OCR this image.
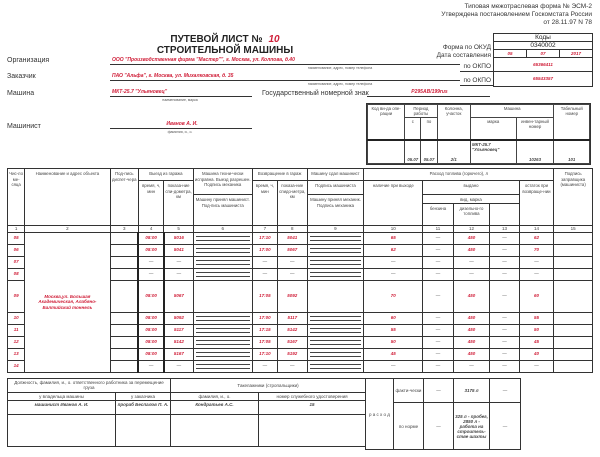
Типовая межотраслевая форма № ЭСМ-2
Утверждена постановлением Госкомстата России
от 28.11.97 N 78
ПУТЕВОЙ ЛИСТ № 10
СТРОИТЕЛЬНОЙ МАШИНЫ	Форма по ОКУД
Дата составления
по ОКПО
по ОКПО
Коды
0340002
05	07	2017
65366411
65543357
Организация	ООО "Производственная фирма "Мастер"", г. Москва, ул. Колпова, д.40
наименование, адрес, номер телефона
Заказчик	ПАО "Альфа", г. Москва, ул. Михалковская, д. 35
наименование, адрес, номер телефона
Машина	МКТ-25.7 "Ульяновец"
наименование, марка
Государственный номерной знак	Р295АВ/199rus
Машинист	Иванов А. И.
фамилия, и., о.
Код ви-да опе-рации	Период работы		Колонна, участок	Машина		Табельный номер
	с	по		марка	инвен-тарный номер	
	05.07	05.07	2/1	МКТ-25.7 "Ульяновец"	10263	101
Чис-ло ме-сяца	Наименование и адрес объекта	Под-пись диспет-чера	Выезд из гаража		Машина техни-чески исправна. Выезд разрешен. Подпись механика	Возвращение в гараж		Машину сдал машинист	Расход топлива (горючего), л					Подпись заправщика (машиниста)
			время, ч, мин	показа-ние спи-дометра, км		время, ч, мин	показа-ние спидо-метра, км	Подпись машиниста	наличие при выходе	выдано			остаток при возвраще-нии	
					Машину принял машинист. Под-пись машиниста			Машину принял механик. Подпись механика		вид, марка				
										бензина	дизельно-го топлива			
1	2	3	4	5	6	7	8	9	10	11	12	13	14	15
05	Москва,ул. Большая Академическая, Алабяно-Балтийский тоннель		08:00	5016		17:10	5041		65	—	450	—	62	
06			08:00	5041		17:00	5067		62	—	450	—	70	
07			—	—		—	—		—	—	—	—	—	
08			—	—		—	—		—	—	—	—	—	
09			08:00	5067		17:05	5092		70	—	450	—	60	
10			08:00	5092		17:00	5117		60	—	450	—	55	
11			08:00	5117		17:15	5142		55	—	450	—	50	
12			08:00	5142		17:05	5167		50	—	450	—	45	
13			08:00	5167		17:10	5192		45	—	450	—	40	
14			—	—		—	—		—	—	—	—	—	
Должность, фамилия, и., о. ответственного работника за перемещение груза		Такелажники (стропальщики)	
у владельца машины	у заказчика	фамилия, и., о.	номер служебного удостоверения
машинист Иванов А. И.	прораб Беспалов П. А.	Кондратьев А.С.	15

р а с х о д	факти-чески	—	3175 л	—
	по норме	—	325 л - пробег, 2850 л - работа на строитель-стве шахты	—
